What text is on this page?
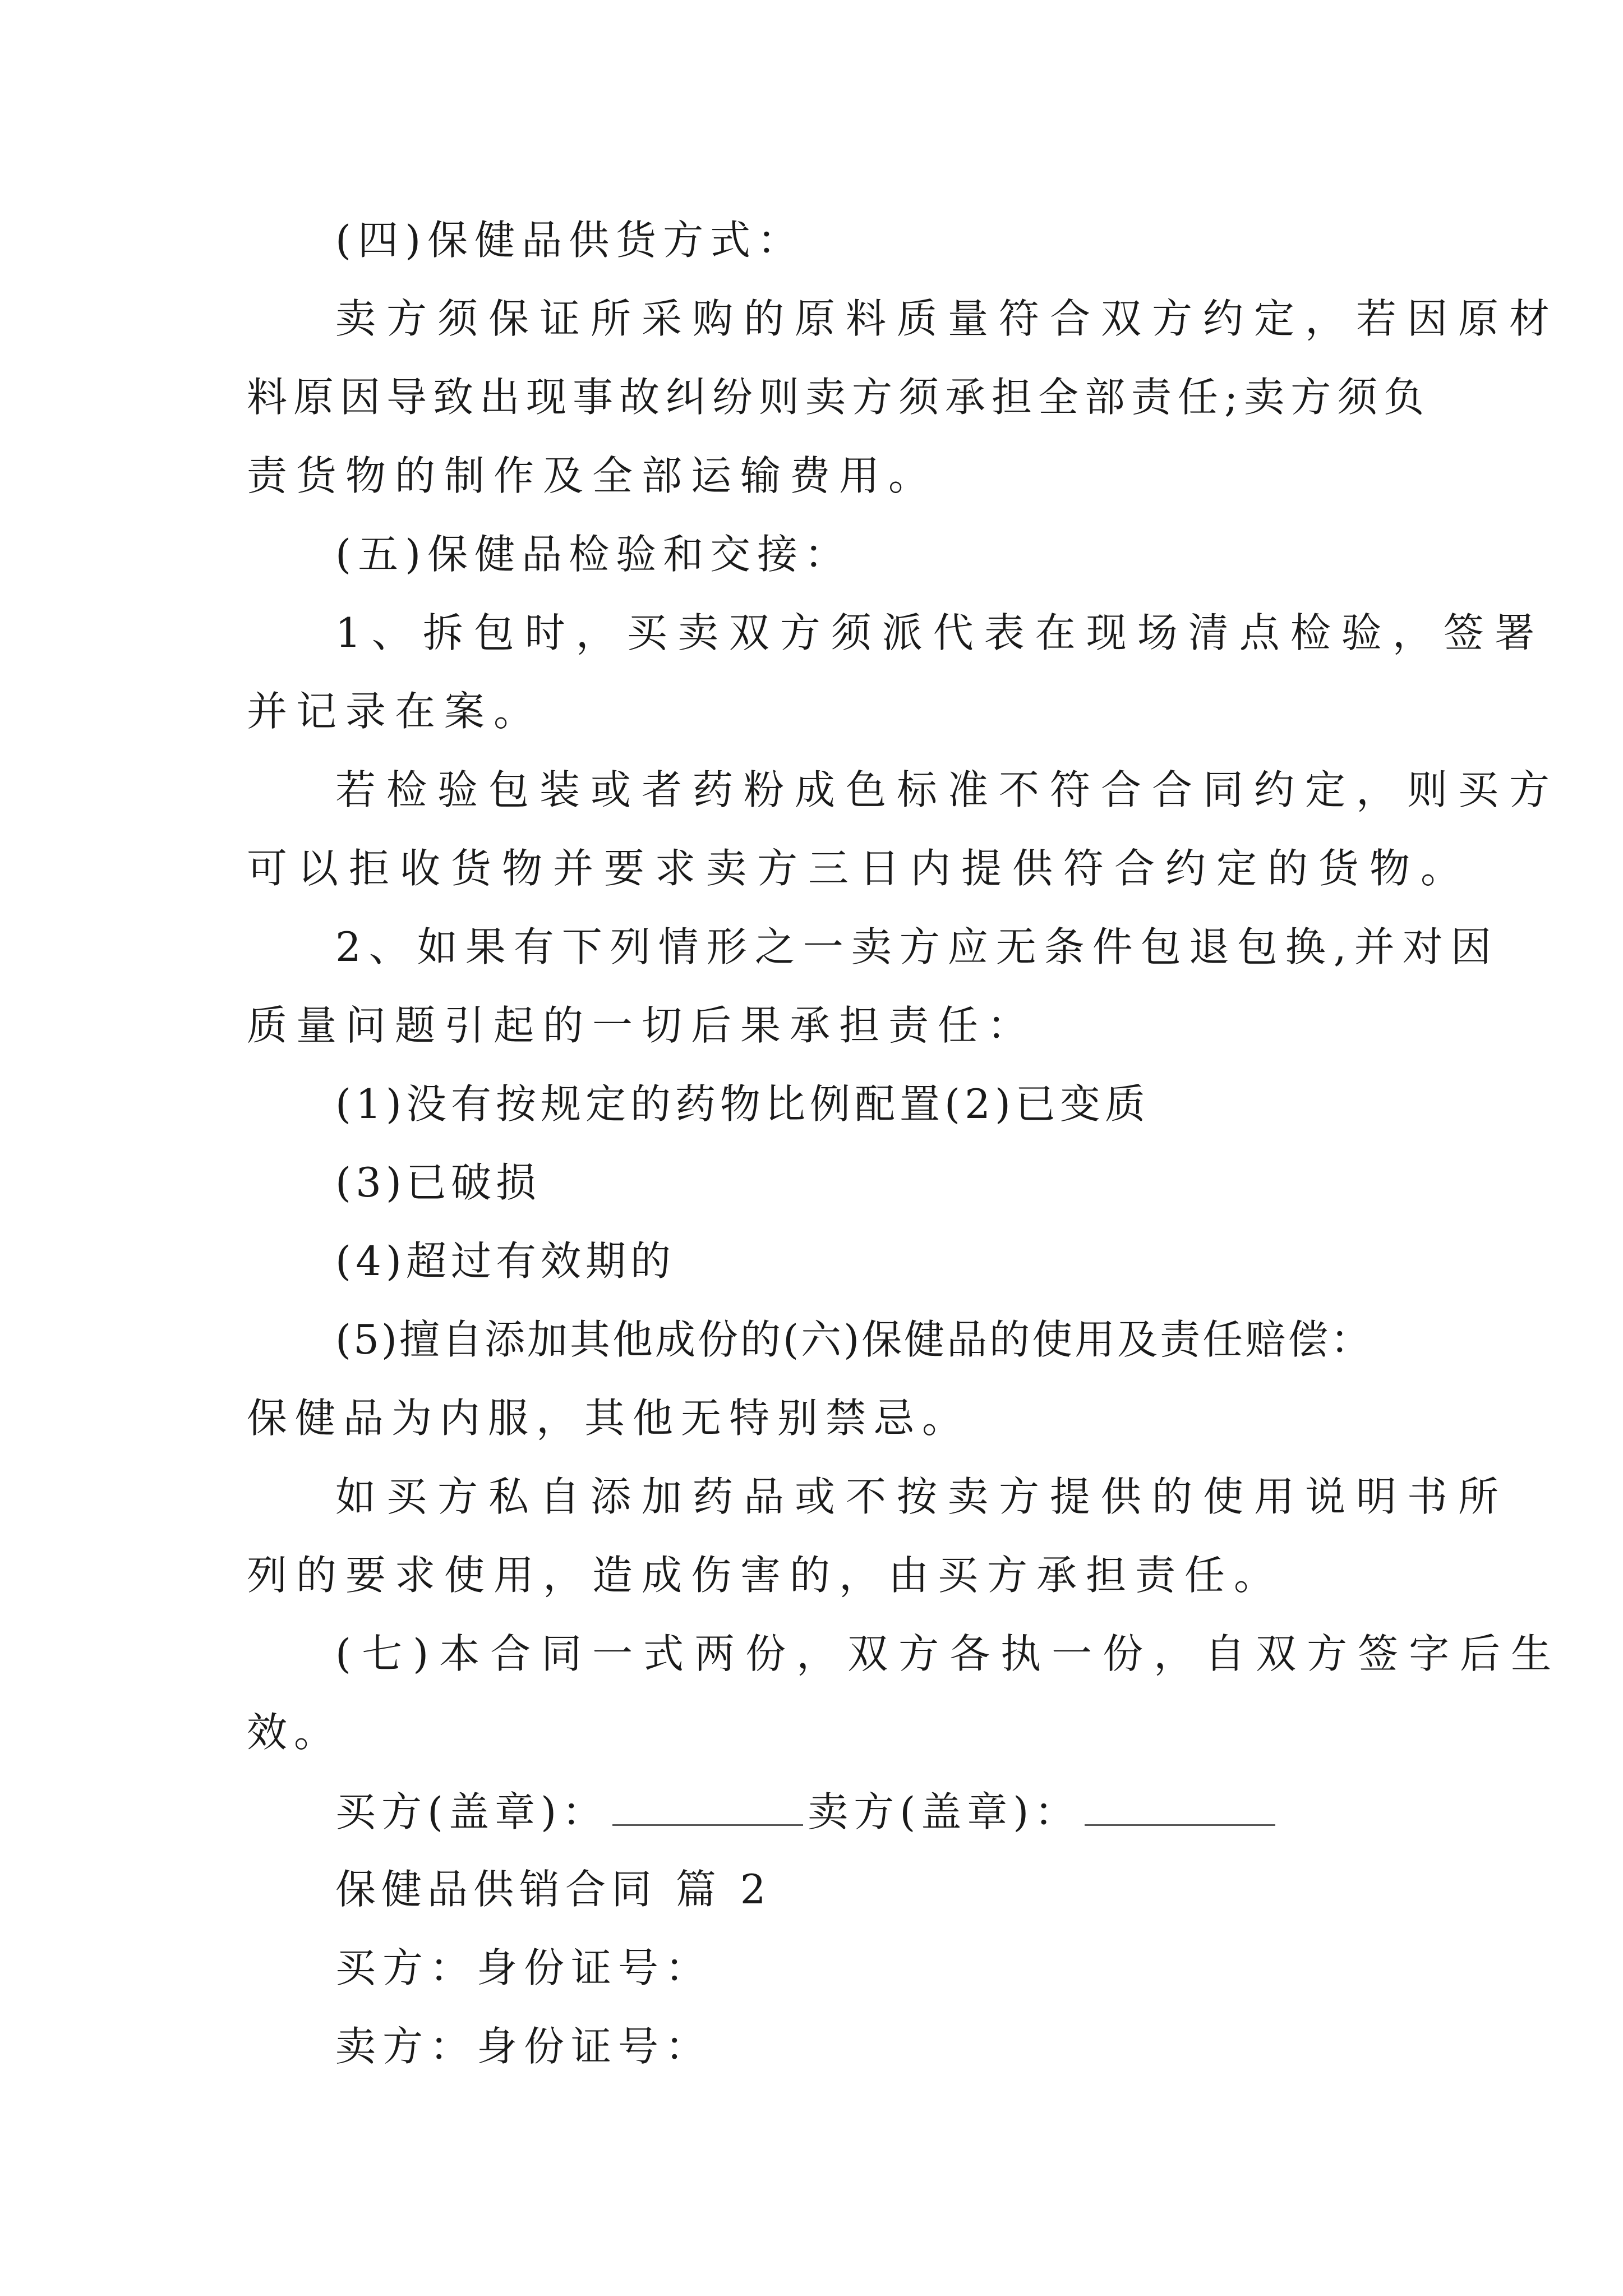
(四)保健品供货方式：
卖方须保证所采购的原料质量符合双方约定，若因原材
料原因导致出现事故纠纷则卖方须承担全部责任;卖方须负
责货物的制作及全部运输费用。
(五)保健品检验和交接：
1、拆包时，买卖双方须派代表在现场清点检验，签署
并记录在案。
若检验包装或者药粉成色标准不符合合同约定，则买方
可以拒收货物并要求卖方三日内提供符合约定的货物。
2、如果有下列情形之一卖方应无条件包退包换,并对因
质量问题引起的一切后果承担责任：
(1)没有按规定的药物比例配置(2)已变质
(3)已破损
(4)超过有效期的
(5)擅自添加其他成份的(六)保健品的使用及责任赔偿：
保健品为内服，其他无特别禁忌。
如买方私自添加药品或不按卖方提供的使用说明书所
列的要求使用，造成伤害的，由买方承担责任。
(七)本合同一式两份，双方各执一份，自双方签字后生
效。
买方(盖章)：	卖方(盖章)：
保健品供销合同 篇 2
买方：身份证号：
卖方：身份证号：
